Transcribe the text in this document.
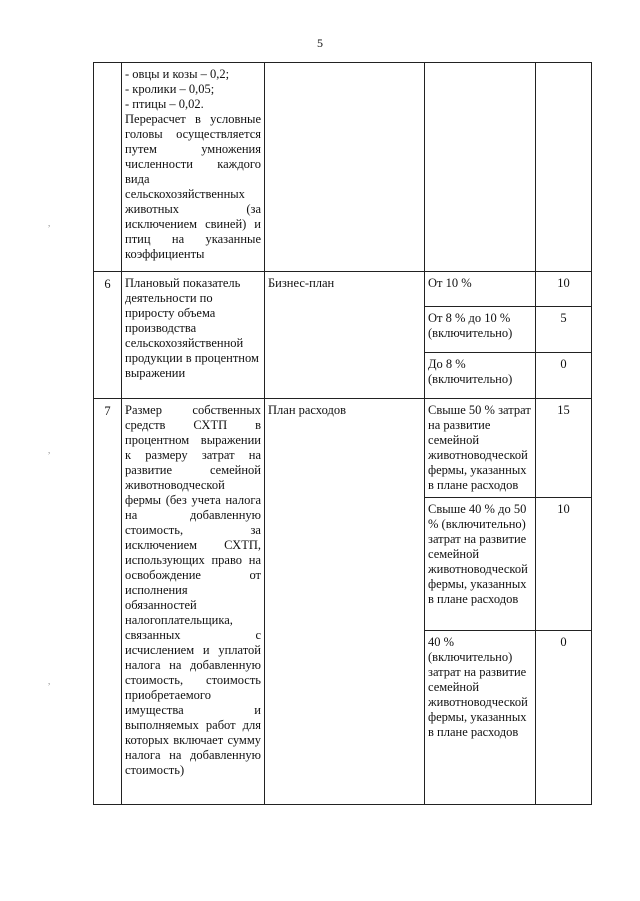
5
,
,
,

	- овцы и козы – 0,2;
- кролики – 0,05;
- птицы – 0,02.
Перерасчет в условные головы осуществляется путем умножения численности каждого вида сельскохозяйственных животных (за исключением свиней) и птиц на указанные коэффициенты			

6	Плановый показатель деятельности по приросту объема производства сельскохозяйственной продукции в процентном выражении	Бизнес-план	От 10 %	10
			От 8 % до 10 % (включительно)	5
			До 8 % (включительно)	0
7	Размер собственных средств СХТП в процентном выражении к размеру затрат на развитие семейной животноводческой фермы (без учета налога на добавленную стоимость, за исключением СХТП, использующих право на освобождение от исполнения обязанностей налогоплательщика, связанных с исчислением и уплатой налога на добавленную стоимость, стоимость приобретаемого имущества и выполняемых работ для которых включает сумму налога на добавленную стоимость)	План расходов	Свыше 50 % затрат на развитие семейной животноводческой фермы, указанных в плане расходов	15
			Свыше 40 % до 50 % (включительно) затрат на развитие семейной животноводческой фермы, указанных в плане расходов	10
			40 % (включительно) затрат на развитие семейной животноводческой фермы, указанных в плане расходов	0
